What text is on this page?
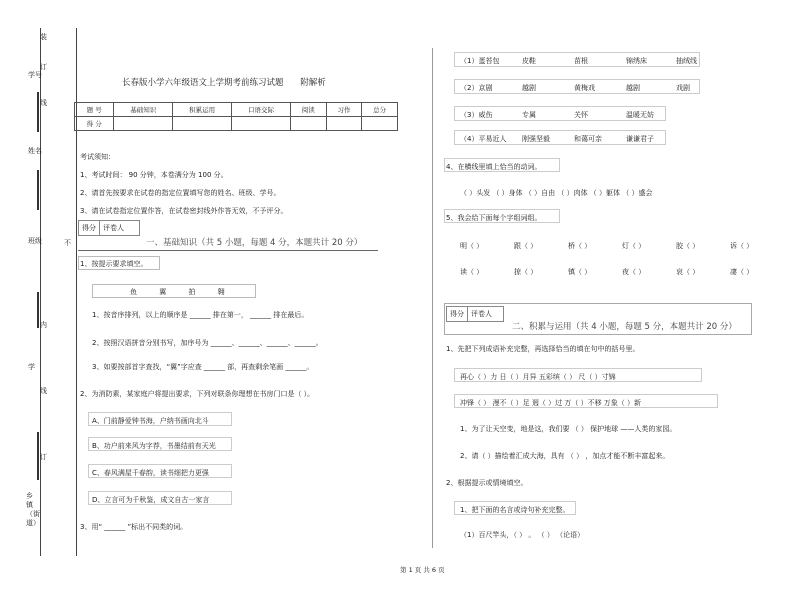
装
订
线
不
内
线
订
学号
姓名
班级
学
乡镇（街道）
长春版小学六年级语文上学期考前练习试题 附解析
题 号	基础知识	积累运用	口语交际	阅读	习作	总分
得 分						
考试须知：
1、考试时间： 90 分钟，本卷满分为 100 分。
2、请首先按要求在试卷的指定位置填写您的姓名、班级、学号。
3、请在试卷指定位置作答，在试卷密封线外作答无效，不予评分。
得分	评卷人
一、基础知识（共 5 小题，每题 4 分，本题共计 20 分）
1、按提示要求填空。
鱼 翼 拍 翱
1、按音序排列，以上的顺序是 ______ 排在第一， ______ 排在最后。
2、按照汉语拼音分别书写，加序号为 ______、______、______、______。
3、如要按部首字查找，“翼”字应查 ______ 部，再查剩余笔画 ______。
2、为消防素，某家庭户将提出要求，下列对联条你理想在书房门口是（ ）。
A、门前静爱钟书海，户纳书画向北斗
B、功户前来风为字荐，书墨结前有天光
C、春风满屋千春韵，读书细把力更强
D、立言可为千秋鉴，成文自古一家言
3、用“ ______ ”标出不同类的词。
（1）蛋苔包	皮鞋	苗根	锦绣床	抽绒线
（2）京剧	越剧	黄梅戏	越剧	戏剧
（3）威伤	专属	关怀	温暖无妨
（4）平易近人 刚强坚毅	和蔼可亲	谦谦君子
4、在横线里填上恰当的动词。
（ ）头发 （ ）身体 （ ）自由 （ ）肉体 （ ）躯体 （ ）盛会
5、我会给下面每个字组词组。
明（ ）	跟（ ）	桥（ ）	灯（ ）	胶（ ）	诉（ ）
读（ ）	掠（ ）	镇（ ）	夜（ ）	哀（ ）	凄（ ）
得分	评卷人
二、积累与运用（共 4 小题，每题 5 分，本题共计 20 分）
1、先把下列成语补充完整，再选择恰当的填在句中的括号里。
再心（ ）力 日（ ）月异 五彩缤（ ） 尺（ ）寸锦
冲锋（ ） 漫不（ ）足 迥（ ）过 万（ ）不移 万象（ ）新
1、为了让天空变，地是这，我们要 （ ） 保护地球 ——人类的家园。
2、请（ ）描绘着汇成大海，具有 （ ） ，加点才能不断丰富起来。
2、根据提示或情境填空。
1、把下面的名言或诗句补充完整。
（1）百尺竿头，（ ） 。 （ ） （论语）
第 1 页 共 6 页
